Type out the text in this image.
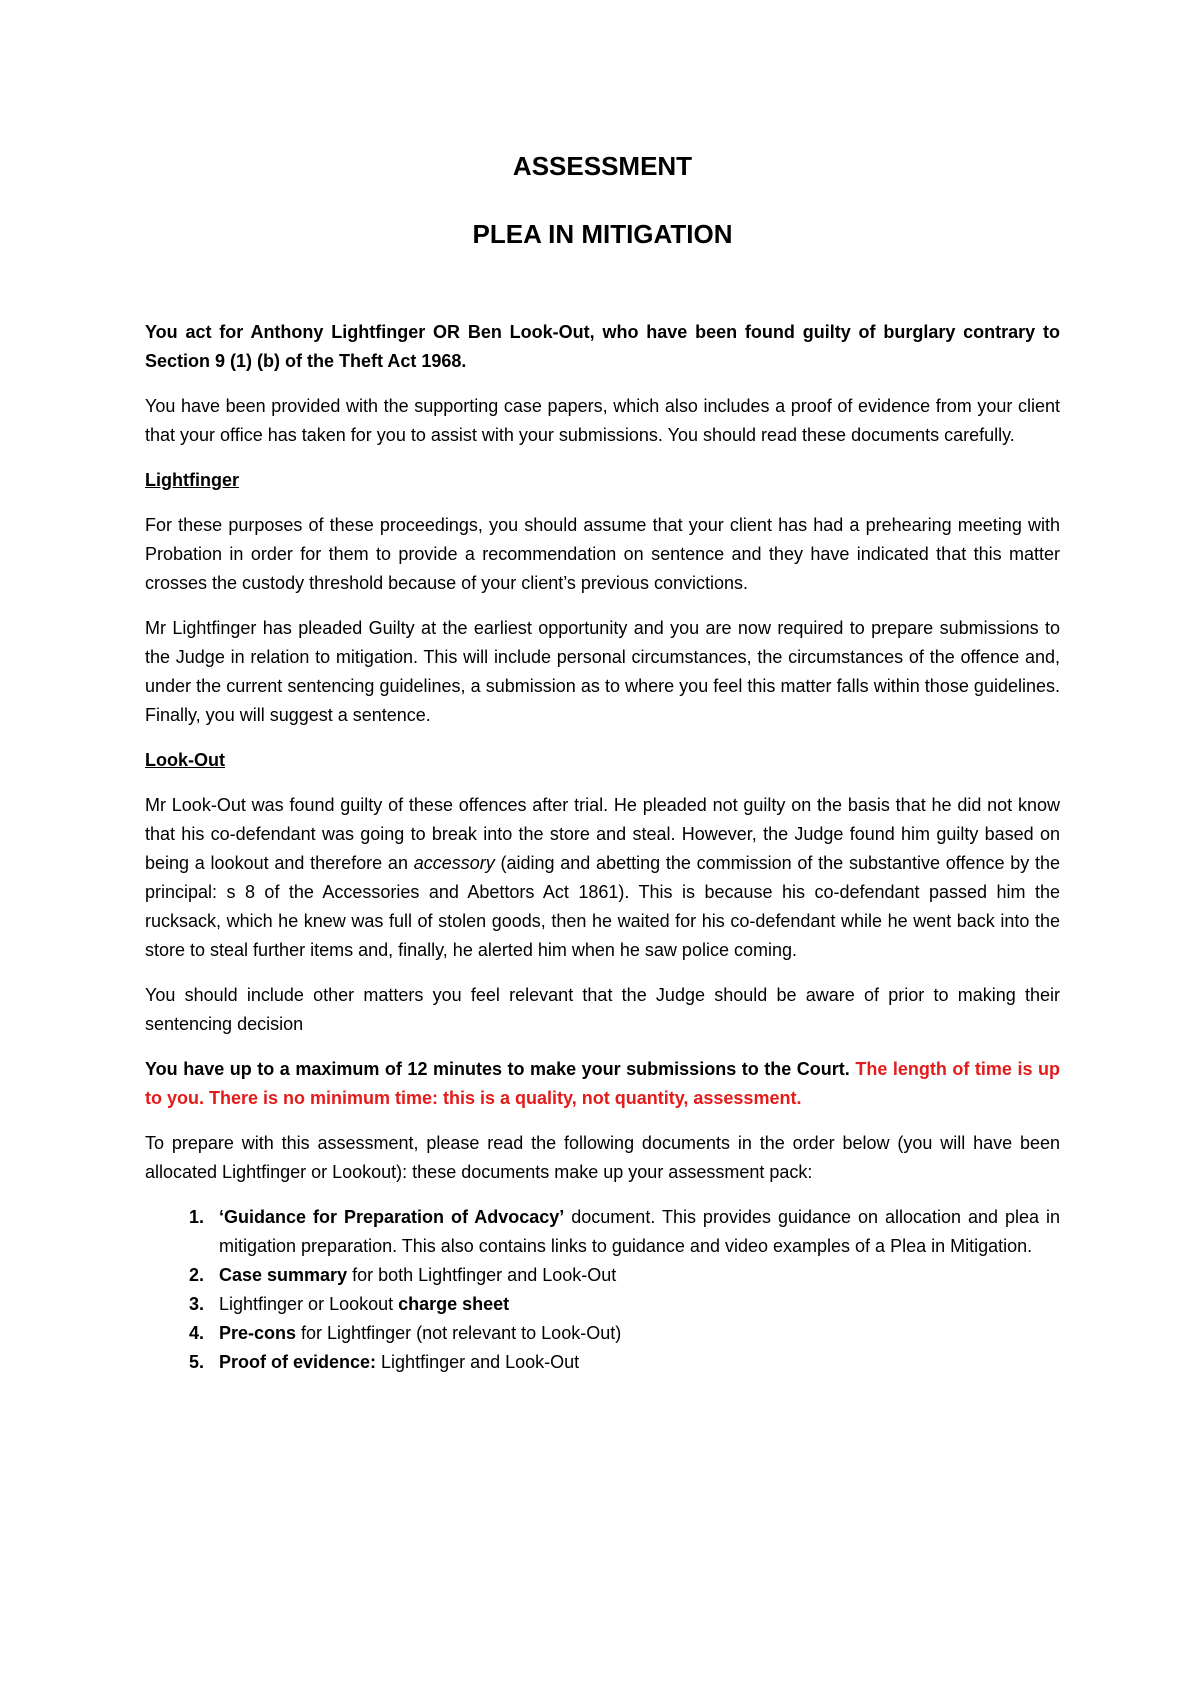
ASSESSMENT
PLEA IN MITIGATION

You act for Anthony Lightfinger OR Ben Look-Out, who have been found guilty of burglary contrary to Section 9 (1) (b) of the Theft Act 1968.

You have been provided with the supporting case papers, which also includes a proof of evidence from your client that your office has taken for you to assist with your submissions. You should read these documents carefully.

Lightfinger

For these purposes of these proceedings, you should assume that your client has had a prehearing meeting with Probation in order for them to provide a recommendation on sentence and they have indicated that this matter crosses the custody threshold because of your client’s previous convictions.

Mr Lightfinger has pleaded Guilty at the earliest opportunity and you are now required to prepare submissions to the Judge in relation to mitigation. This will include personal circumstances, the circumstances of the offence and, under the current sentencing guidelines, a submission as to where you feel this matter falls within those guidelines. Finally, you will suggest a sentence.

Look-Out

Mr Look-Out was found guilty of these offences after trial. He pleaded not guilty on the basis that he did not know that his co-defendant was going to break into the store and steal. However, the Judge found him guilty based on being a lookout and therefore an accessory (aiding and abetting the commission of the substantive offence by the principal: s 8 of the Accessories and Abettors Act 1861). This is because his co-defendant passed him the rucksack, which he knew was full of stolen goods, then he waited for his co-defendant while he went back into the store to steal further items and, finally, he alerted him when he saw police coming.

You should include other matters you feel relevant that the Judge should be aware of prior to making their sentencing decision

You have up to a maximum of 12 minutes to make your submissions to the Court. The length of time is up to you. There is no minimum time: this is a quality, not quantity, assessment.

To prepare with this assessment, please read the following documents in the order below (you will have been allocated Lightfinger or Lookout): these documents make up your assessment pack:

1. ‘Guidance for Preparation of Advocacy’ document. This provides guidance on allocation and plea in mitigation preparation. This also contains links to guidance and video examples of a Plea in Mitigation.
2. Case summary for both Lightfinger and Look-Out
3. Lightfinger or Lookout charge sheet
4. Pre-cons for Lightfinger (not relevant to Look-Out)
5. Proof of evidence: Lightfinger and Look-Out
